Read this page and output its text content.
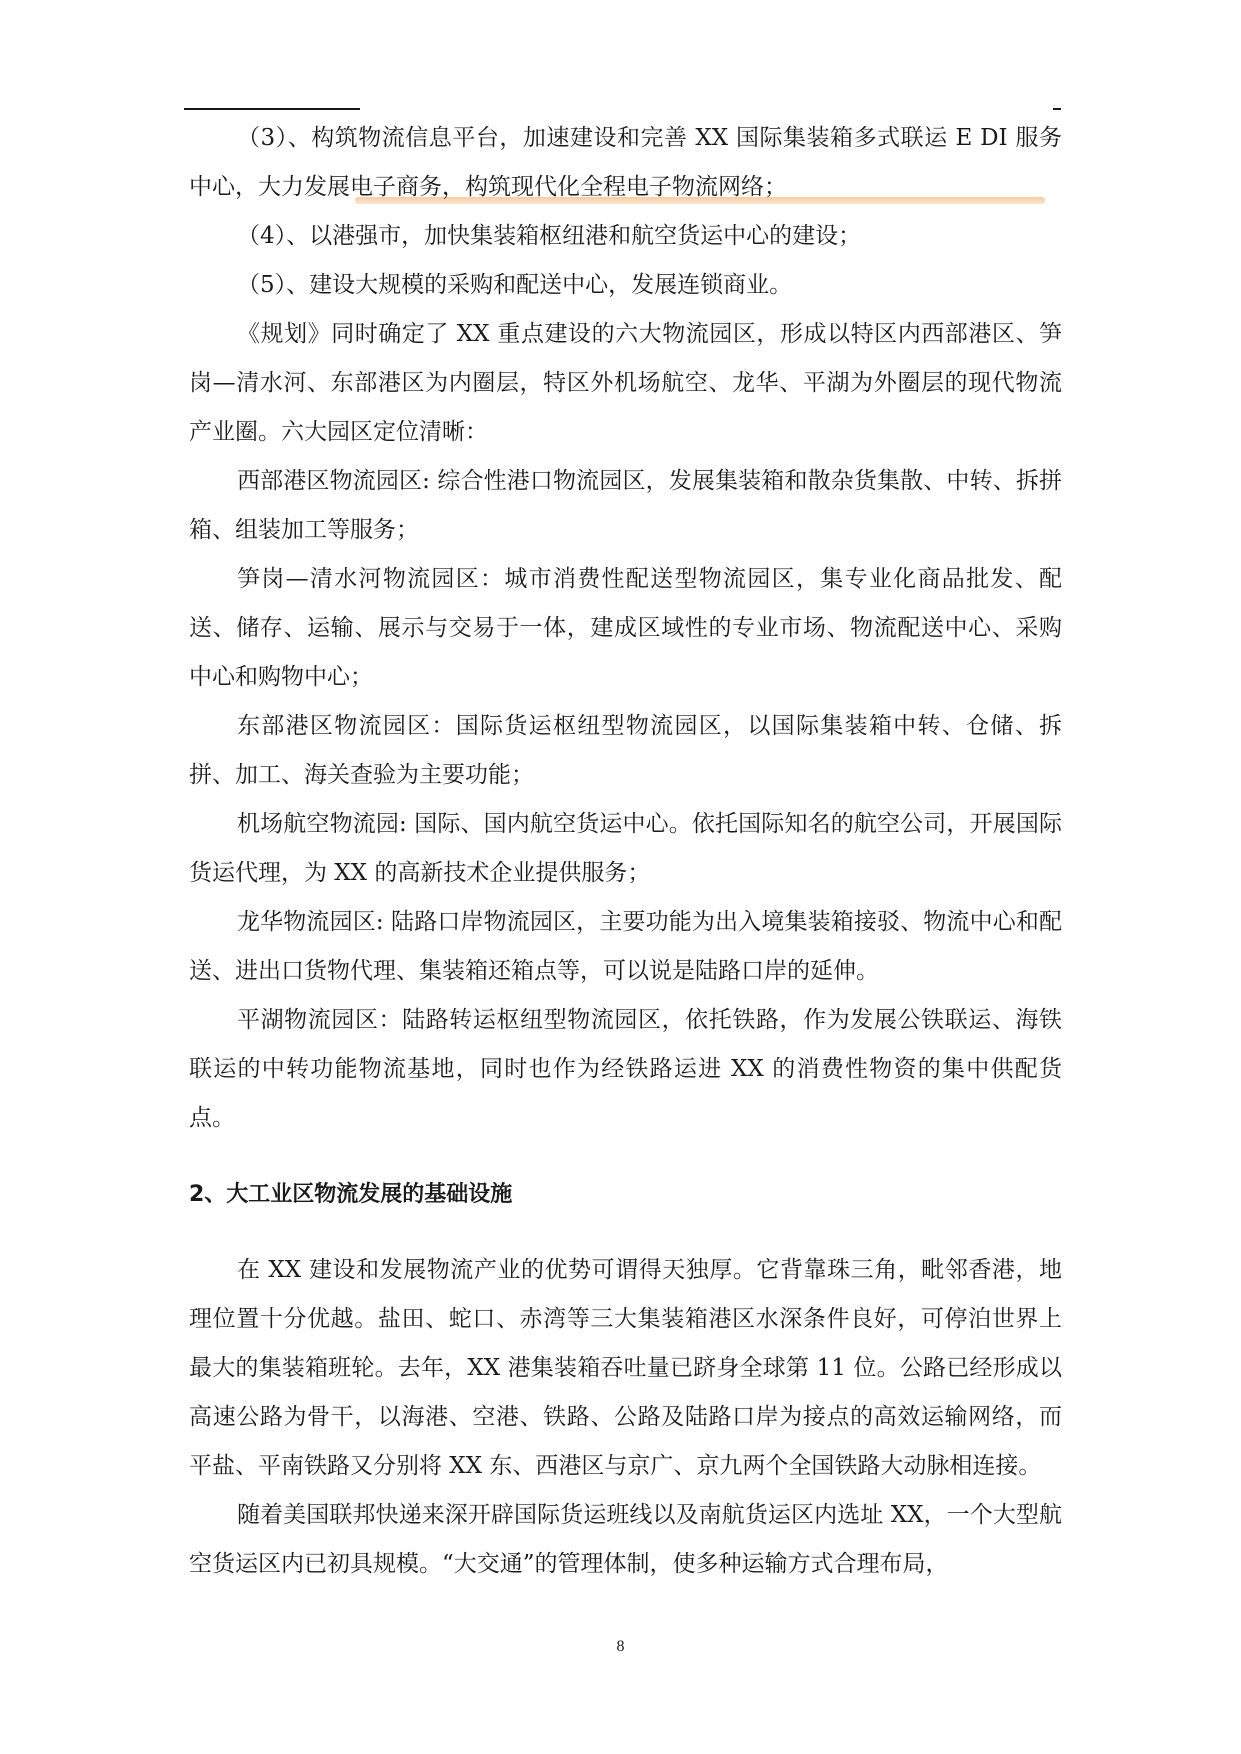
（3）、构筑物流信息平台，加速建设和完善 XX 国际集装箱多式联运 E DI 服务中心，大力发展电子商务，构筑现代化全程电子物流网络；

（4）、以港强市，加快集装箱枢纽港和航空货运中心的建设；

（5）、建设大规模的采购和配送中心，发展连锁商业。

《规划》同时确定了 XX 重点建设的六大物流园区，形成以特区内西部港区、笋岗—清水河、东部港区为内圈层，特区外机场航空、龙华、平湖为外圈层的现代物流产业圈。六大园区定位清晰：

西部港区物流园区: 综合性港口物流园区，发展集装箱和散杂货集散、中转、拆拼箱、组装加工等服务；

笋岗—清水河物流园区：城市消费性配送型物流园区，集专业化商品批发、配送、储存、运输、展示与交易于一体，建成区域性的专业市场、物流配送中心、采购中心和购物中心；

东部港区物流园区：国际货运枢纽型物流园区，以国际集装箱中转、仓储、拆拼、加工、海关查验为主要功能；

机场航空物流园: 国际、国内航空货运中心。依托国际知名的航空公司，开展国际货运代理，为 XX 的高新技术企业提供服务；

龙华物流园区: 陆路口岸物流园区，主要功能为出入境集装箱接驳、物流中心和配送、进出口货物代理、集装箱还箱点等，可以说是陆路口岸的延伸。

平湖物流园区：陆路转运枢纽型物流园区，依托铁路，作为发展公铁联运、海铁联运的中转功能物流基地，同时也作为经铁路运进 XX 的消费性物资的集中供配货点。

2、大工业区物流发展的基础设施

在 XX 建设和发展物流产业的优势可谓得天独厚。它背靠珠三角，毗邻香港，地理位置十分优越。盐田、蛇口、赤湾等三大集装箱港区水深条件良好，可停泊世界上最大的集装箱班轮。去年，XX 港集装箱吞吐量已跻身全球第 11 位。公路已经形成以高速公路为骨干，以海港、空港、铁路、公路及陆路口岸为接点的高效运输网络，而平盐、平南铁路又分别将 XX 东、西港区与京广、京九两个全国铁路大动脉相连接。

随着美国联邦快递来深开辟国际货运班线以及南航货运区内选址 XX，一个大型航空货运区内已初具规模。“大交通”的管理体制，使多种运输方式合理布局，

8
